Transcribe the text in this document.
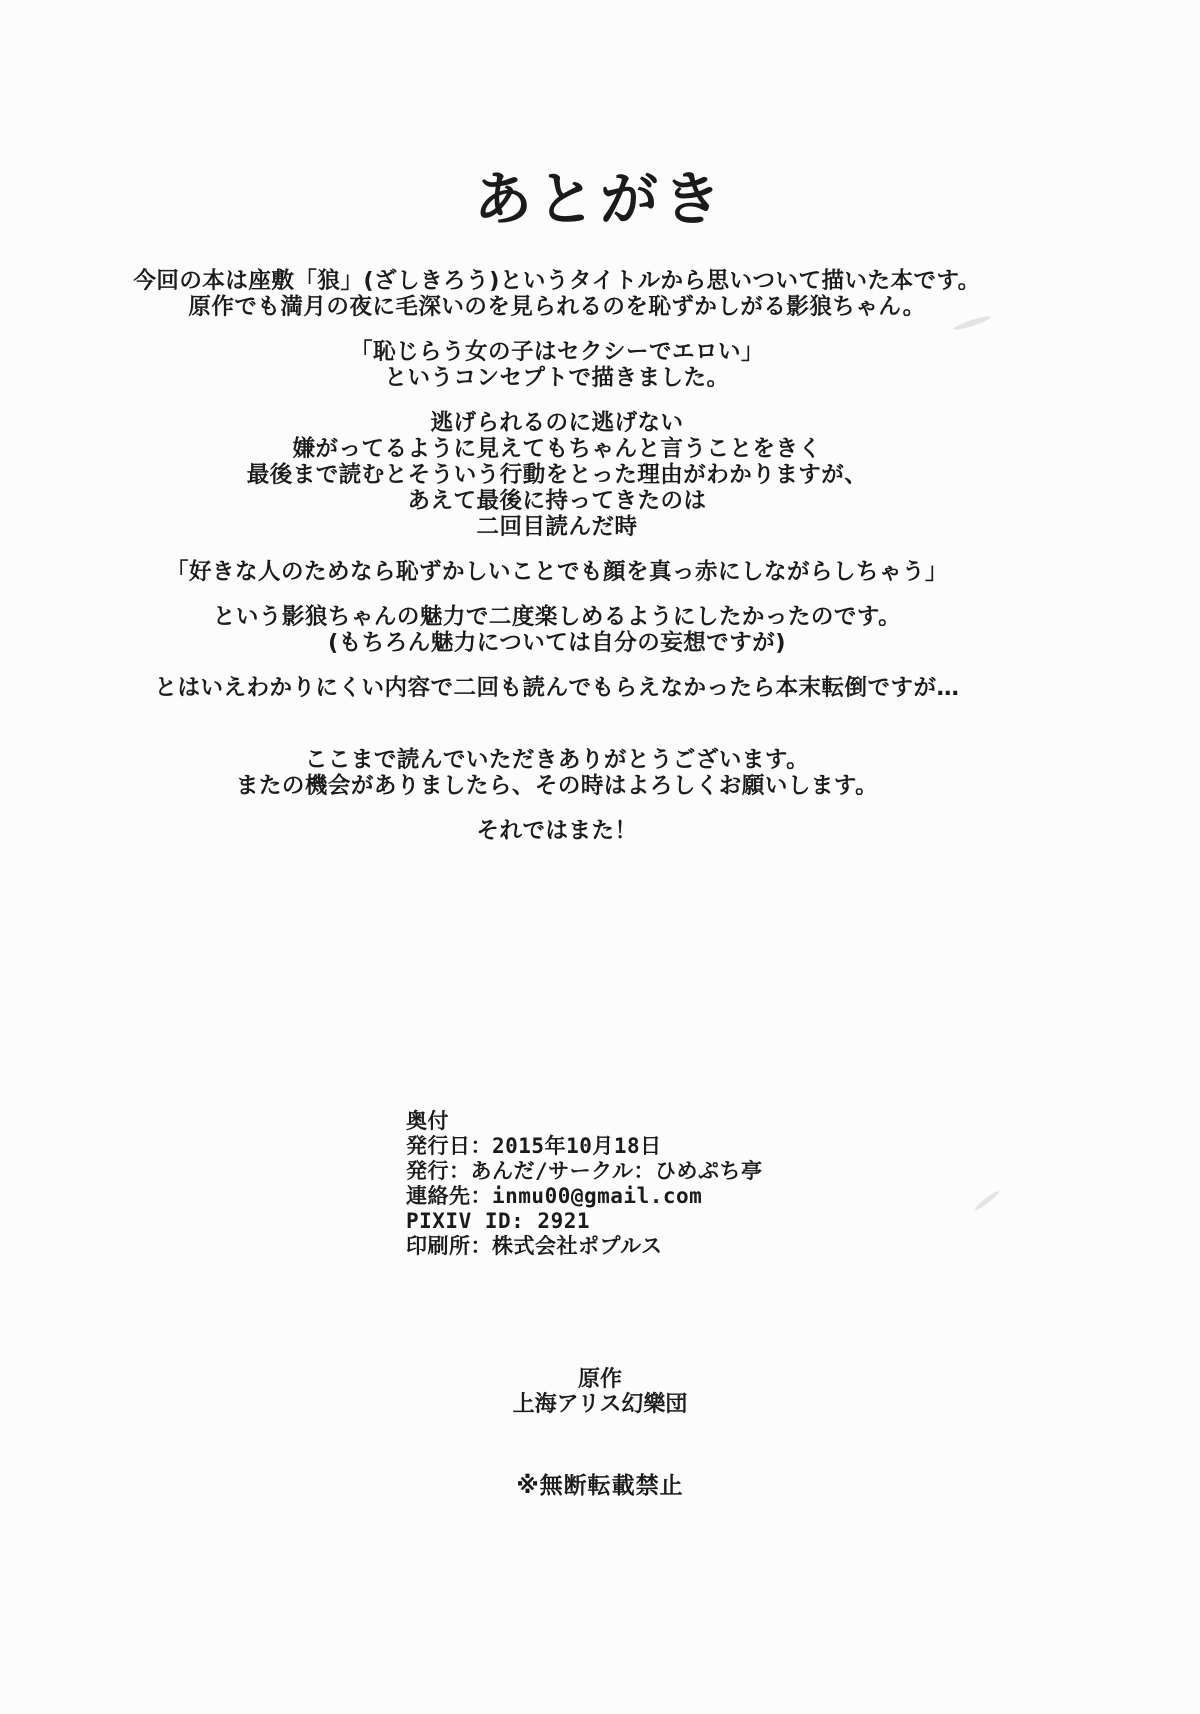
あとがき

今回の本は座敷「狼」(ざしきろう)というタイトルから思いついて描いた本です。
原作でも満月の夜に毛深いのを見られるのを恥ずかしがる影狼ちゃん。

「恥じらう女の子はセクシーでエロい」
というコンセプトで描きました。

逃げられるのに逃げない
嫌がってるように見えてもちゃんと言うことをきく
最後まで読むとそういう行動をとった理由がわかりますが、
あえて最後に持ってきたのは
二回目読んだ時

「好きな人のためなら恥ずかしいことでも顔を真っ赤にしながらしちゃう」

という影狼ちゃんの魅力で二度楽しめるようにしたかったのです。
(もちろん魅力については自分の妄想ですが)

とはいえわかりにくい内容で二回も読んでもらえなかったら本末転倒ですが…

ここまで読んでいただきありがとうございます。
またの機会がありましたら、その時はよろしくお願いします。

それではまた！

奥付
発行日：2015年10月18日
発行：あんだ/サークル：ひめぷち亭
連絡先：inmu00@gmail.com
PIXIV ID: 2921
印刷所：株式会社ポプルス
原作
上海アリス幻樂団
※無断転載禁止
